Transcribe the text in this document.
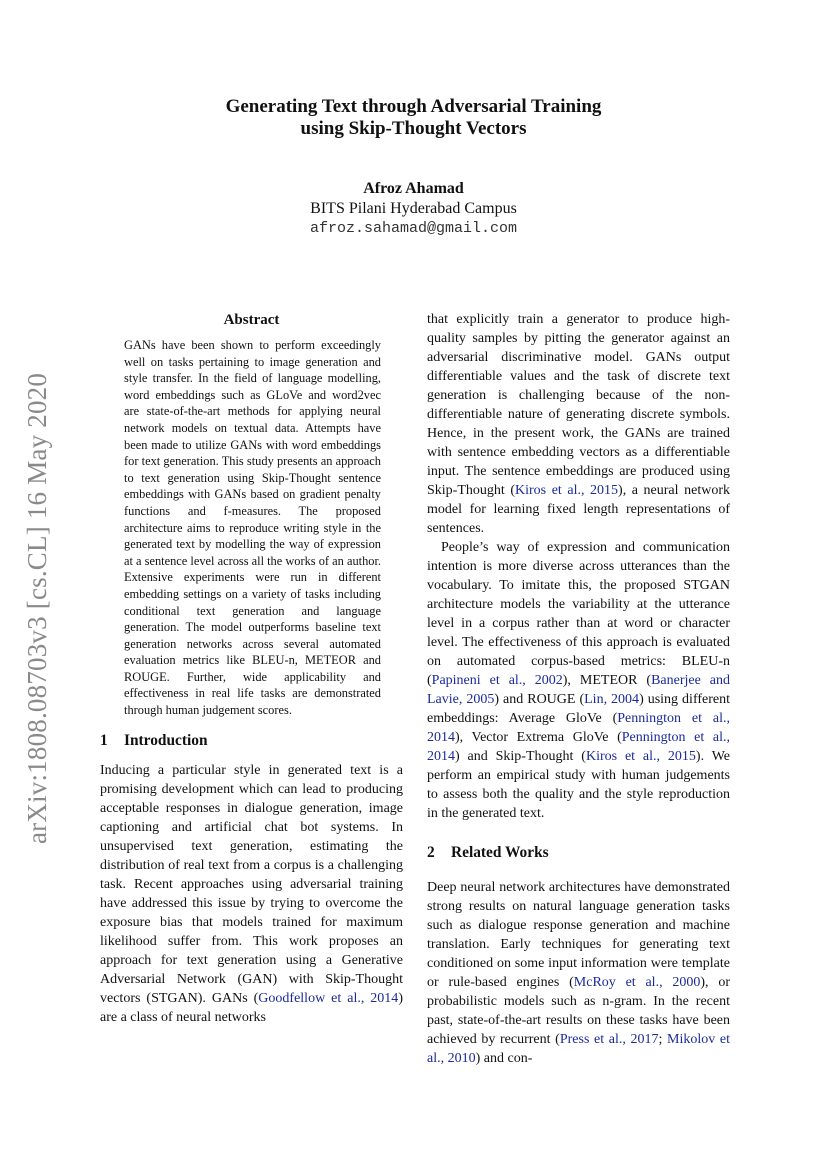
arXiv:1808.08703v3 [cs.CL] 16 May 2020
Generating Text through Adversarial Training
using Skip-Thought Vectors
Afroz Ahamad
BITS Pilani Hyderabad Campus
afroz.sahamad@gmail.com
Abstract

GANs have been shown to perform exceedingly well on tasks pertaining to image generation and style transfer. In the field of language modelling, word embeddings such as GLoVe and word2vec are state-of-the-art methods for applying neural network models on textual data. Attempts have been made to utilize GANs with word embeddings for text generation. This study presents an approach to text generation using Skip-Thought sentence embeddings with GANs based on gradient penalty functions and f-measures. The proposed architecture aims to reproduce writing style in the generated text by modelling the way of expression at a sentence level across all the works of an author. Extensive experiments were run in different embedding settings on a variety of tasks including conditional text generation and language generation. The model outperforms baseline text generation networks across several automated evaluation metrics like BLEU-n, METEOR and ROUGE. Further, wide applicability and effectiveness in real life tasks are demonstrated through human judgement scores.

1 Introduction

Inducing a particular style in generated text is a promising development which can lead to producing acceptable responses in dialogue generation, image captioning and artificial chat bot systems. In unsupervised text generation, estimating the distribution of real text from a corpus is a challenging task. Recent approaches using adversarial training have addressed this issue by trying to overcome the exposure bias that models trained for maximum likelihood suffer from. This work proposes an approach for text generation using a Generative Adversarial Network (GAN) with Skip-Thought vectors (STGAN). GANs (Goodfellow et al., 2014) are a class of neural networks

that explicitly train a generator to produce high-quality samples by pitting the generator against an adversarial discriminative model. GANs output differentiable values and the task of discrete text generation is challenging because of the non-differentiable nature of generating discrete symbols. Hence, in the present work, the GANs are trained with sentence embedding vectors as a differentiable input. The sentence embeddings are produced using Skip-Thought (Kiros et al., 2015), a neural network model for learning fixed length representations of sentences.

People’s way of expression and communication intention is more diverse across utterances than the vocabulary. To imitate this, the proposed STGAN architecture models the variability at the utterance level in a corpus rather than at word or character level. The effectiveness of this approach is evaluated on automated corpus-based metrics: BLEU-n (Papineni et al., 2002), METEOR (Banerjee and Lavie, 2005) and ROUGE (Lin, 2004) using different embeddings: Average GloVe (Pennington et al., 2014), Vector Extrema GloVe (Pennington et al., 2014) and Skip-Thought (Kiros et al., 2015). We perform an empirical study with human judgements to assess both the quality and the style reproduction in the generated text.

2 Related Works

Deep neural network architectures have demonstrated strong results on natural language generation tasks such as dialogue response generation and machine translation. Early techniques for generating text conditioned on some input information were template or rule-based engines (McRoy et al., 2000), or probabilistic models such as n-gram. In the recent past, state-of-the-art results on these tasks have been achieved by recurrent (Press et al., 2017; Mikolov et al., 2010) and con-
